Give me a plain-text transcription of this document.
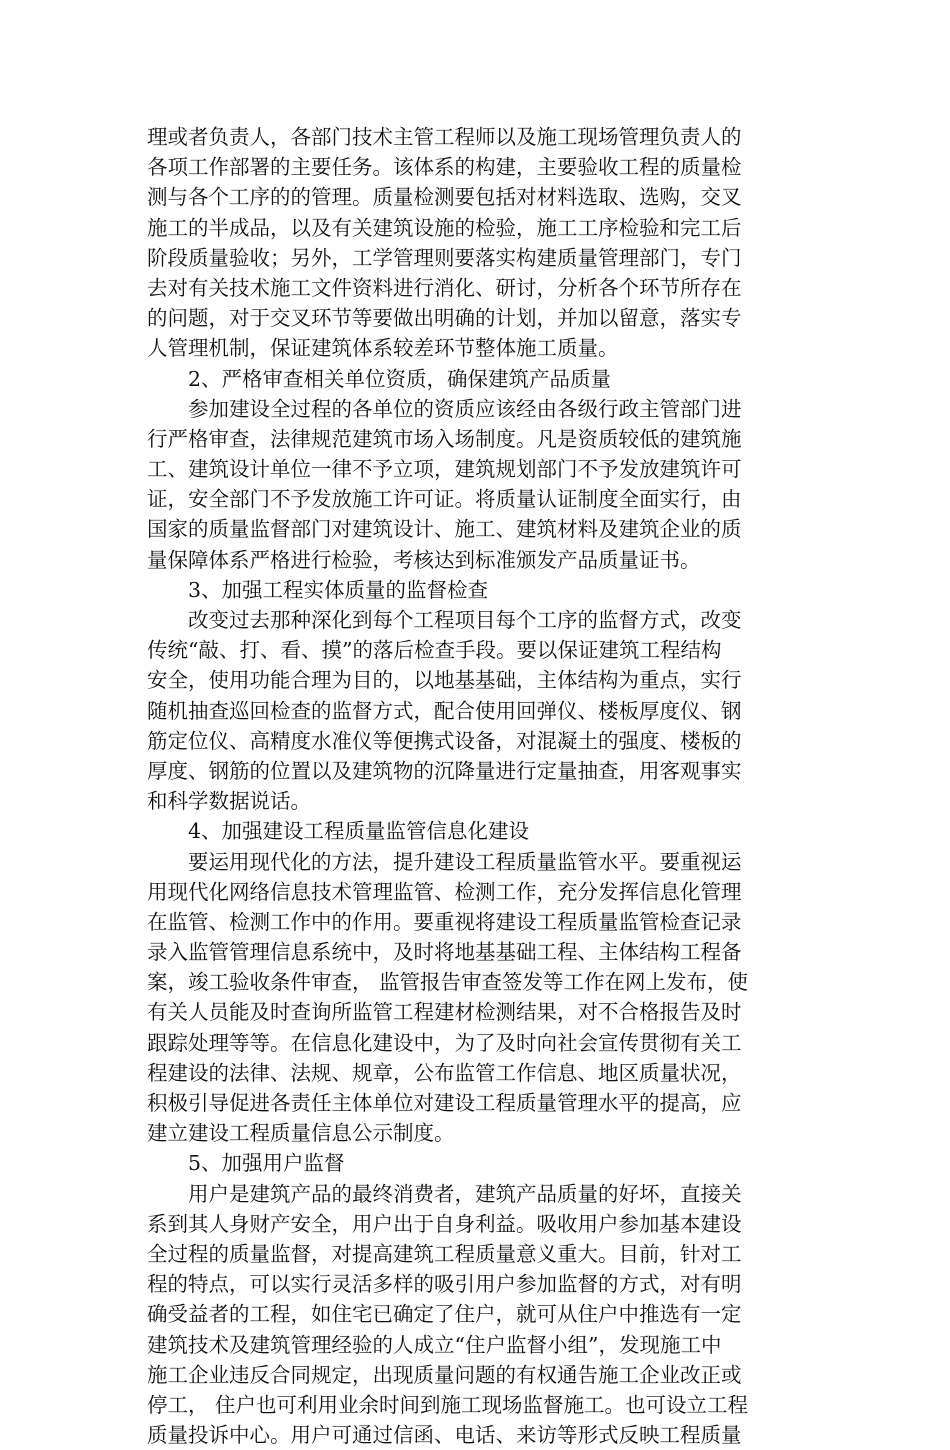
理或者负责人，各部门技术主管工程师以及施工现场管理负责人的
各项工作部署的主要任务。该体系的构建，主要验收工程的质量检
测与各个工序的的管理。质量检测要包括对材料选取、选购，交叉
施工的半成品，以及有关建筑设施的检验，施工工序检验和完工后
阶段质量验收；另外，工学管理则要落实构建质量管理部门，专门
去对有关技术施工文件资料进行消化、研讨，分析各个环节所存在
的问题，对于交叉环节等要做出明确的计划，并加以留意，落实专
人管理机制，保证建筑体系较差环节整体施工质量。
2、严格审查相关单位资质，确保建筑产品质量
参加建设全过程的各单位的资质应该经由各级行政主管部门进
行严格审查，法律规范建筑市场入场制度。凡是资质较低的建筑施
工、建筑设计单位一律不予立项，建筑规划部门不予发放建筑许可
证，安全部门不予发放施工许可证。将质量认证制度全面实行，由
国家的质量监督部门对建筑设计、施工、建筑材料及建筑企业的质
量保障体系严格进行检验，考核达到标准颁发产品质量证书。
3、加强工程实体质量的监督检查
改变过去那种深化到每个工程项目每个工序的监督方式，改变
传统“敲、打、看、摸”的落后检查手段。要以保证建筑工程结构
安全，使用功能合理为目的，以地基基础，主体结构为重点，实行
随机抽查巡回检查的监督方式，配合使用回弹仪、楼板厚度仪、钢
筋定位仪、高精度水准仪等便携式设备，对混凝土的强度、楼板的
厚度、钢筋的位置以及建筑物的沉降量进行定量抽查，用客观事实
和科学数据说话。
4、加强建设工程质量监管信息化建设
要运用现代化的方法，提升建设工程质量监管水平。要重视运
用现代化网络信息技术管理监管、检测工作，充分发挥信息化管理
在监管、检测工作中的作用。要重视将建设工程质量监管检查记录
录入监管管理信息系统中，及时将地基基础工程、主体结构工程备
案，竣工验收条件审查， 监管报告审查签发等工作在网上发布，使
有关人员能及时查询所监管工程建材检测结果，对不合格报告及时
跟踪处理等等。在信息化建设中，为了及时向社会宣传贯彻有关工
程建设的法律、法规、规章，公布监管工作信息、地区质量状况，
积极引导促进各责任主体单位对建设工程质量管理水平的提高，应
建立建设工程质量信息公示制度。
5、加强用户监督
用户是建筑产品的最终消费者，建筑产品质量的好坏，直接关
系到其人身财产安全，用户出于自身利益。吸收用户参加基本建设
全过程的质量监督，对提高建筑工程质量意义重大。目前，针对工
程的特点，可以实行灵活多样的吸引用户参加监督的方式，对有明
确受益者的工程，如住宅已确定了住户，就可从住户中推选有一定
建筑技术及建筑管理经验的人成立“住户监督小组”，发现施工中
施工企业违反合同规定，出现质量问题的有权通告施工企业改正或
停工， 住户也可利用业余时间到施工现场监督施工。也可设立工程
质量投诉中心。用户可通过信函、电话、来访等形式反映工程质量
